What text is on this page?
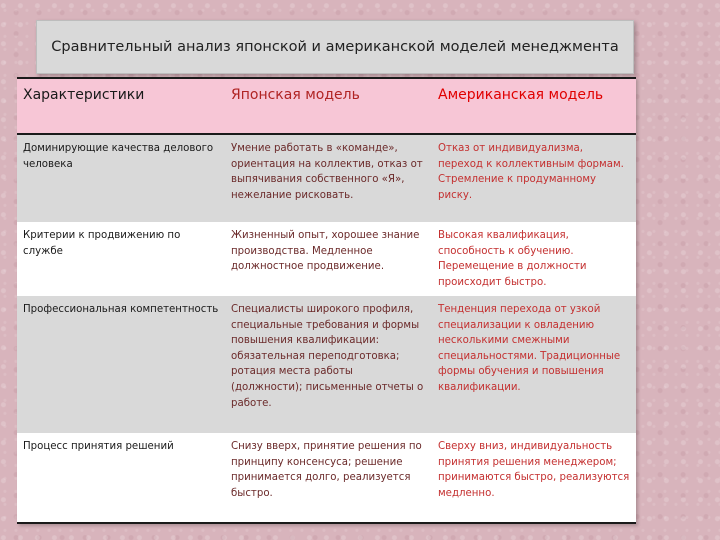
Сравнительный анализ японской и американской моделей менеджмента
Характеристики	Японская модель	Американская модель
Доминирующие качества делового человека	Умение работать в «команде», ориентация на коллектив, отказ от выпячивания собственного «Я», нежелание рисковать.	Отказ от индивидуализма, переход к коллективным формам. Стремление к продуманному риску.
Критерии к продвижению по службе	Жизненный опыт, хорошее знание производства. Медленное должностное продвижение.	Высокая квалификация, способность к обучению. Перемещение в должности происходит быстро.
Профессиональная компетентность	Специалисты широкого профиля, специальные требования и формы повышения квалификации: обязательная переподготовка; ротация места работы (должности); письменные отчеты о работе.	Тенденция перехода от узкой специализации к овладению несколькими смежными специальностями. Традиционные формы обучения и повышения квалификации.
Процесс принятия решений	Снизу вверх, принятие решения по принципу консенсуса; решение принимается долго, реализуется быстро.	Сверху вниз, индивидуальность принятия решения менеджером; принимаются быстро, реализуются медленно.
